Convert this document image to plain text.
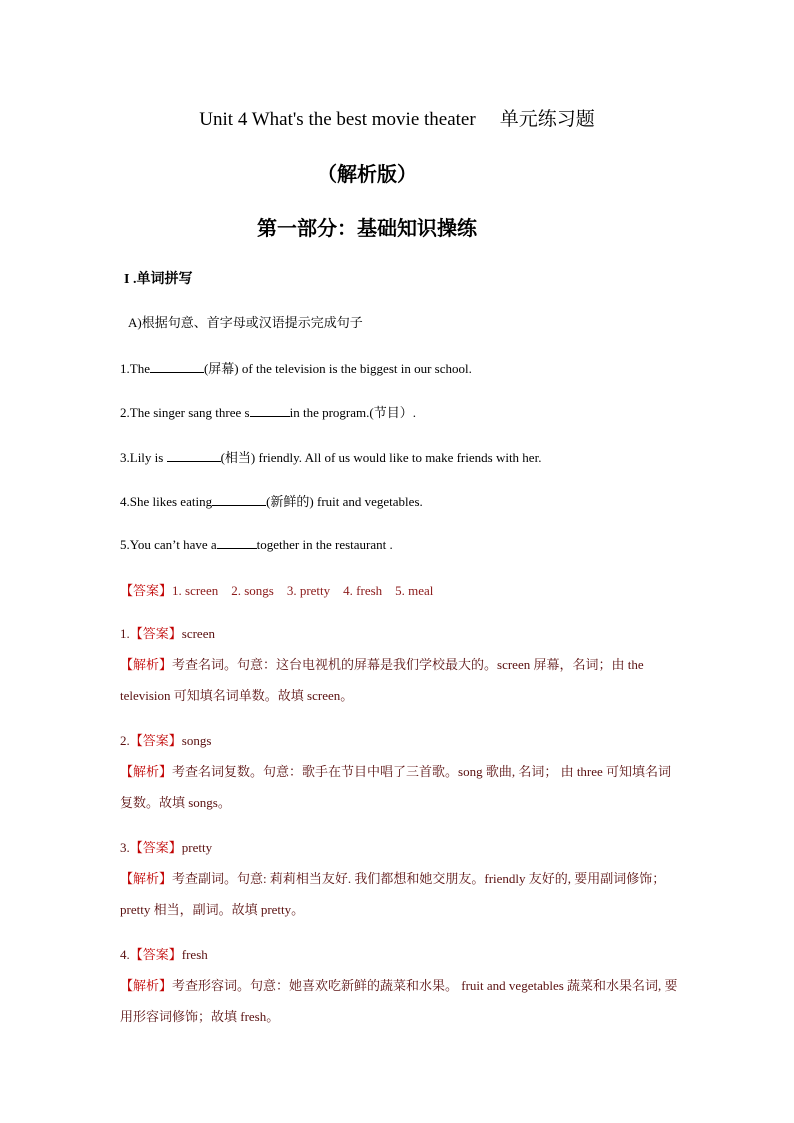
Unit 4 What's the best movie theater 单元练习题
（解析版）
第一部分：基础知识操练
I .单词拼写
A)根据句意、首字母或汉语提示完成句子
1.The	(屏幕) of the television is the biggest in our school.
2.The singer sang three s	in the program.(节目）.
3.Lily is	(相当) friendly. All of us would like to make friends with her.
4.She likes eating	(新鲜的) fruit and vegetables.
5.You can’t have a	together in the restaurant .
【答案】1. screen    2. songs    3. pretty    4. fresh    5. meal
1.【答案】screen
【解析】考查名词。句意：这台电视机的屏幕是我们学校最大的。screen 屏幕，名词；由 the television 可知填名词单数。故填 screen。
2.【答案】songs
【解析】考查名词复数。句意：歌手在节目中唱了三首歌。song 歌曲, 名词； 由 three 可知填名词复数。故填 songs。
3.【答案】pretty
【解析】考查副词。句意: 莉莉相当友好. 我们都想和她交朋友。friendly 友好的, 要用副词修饰；pretty 相当，副词。故填 pretty。
4.【答案】fresh
【解析】考查形容词。句意：她喜欢吃新鲜的蔬菜和水果。 fruit and vegetables 蔬菜和水果名词, 要用形容词修饰；故填 fresh。
